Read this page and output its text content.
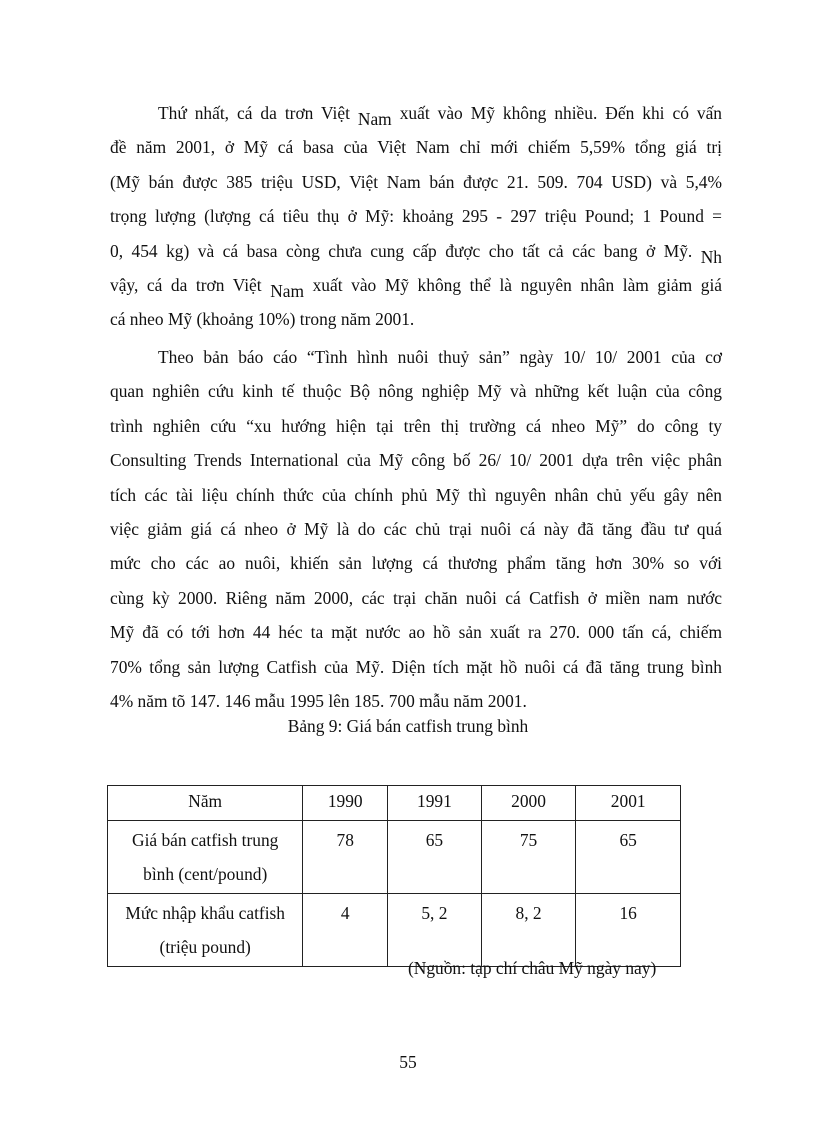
Thứ nhất, cá da trơn Việt Nam xuất vào Mỹ không nhiều. Đến khi có vấn
đề năm 2001, ở Mỹ cá basa của Việt Nam chỉ mới chiếm 5,59% tổng giá trị
(Mỹ bán được 385 triệu USD, Việt Nam bán được 21. 509. 704 USD) và 5,4%
trọng lượng (lượng cá tiêu thụ ở Mỹ: khoảng 295 - 297 triệu Pound; 1 Pound =
0, 454 kg) và cá basa còng chưa cung cấp được cho tất cả các bang ở Mỹ. Nh
vậy, cá da trơn Việt Nam xuất vào Mỹ không thể là nguyên nhân làm giảm giá
cá nheo Mỹ (khoảng 10%) trong năm 2001.
Theo bản báo cáo “Tình hình nuôi thuỷ sản” ngày 10/ 10/ 2001 của cơ
quan nghiên cứu kinh tế thuộc Bộ nông nghiệp Mỹ và những kết luận của công
trình nghiên cứu “xu hướng hiện tại trên thị trường cá nheo Mỹ” do công ty
Consulting Trends International của Mỹ công bố 26/ 10/ 2001 dựa trên việc phân
tích các tài liệu chính thức của chính phủ Mỹ thì nguyên nhân chủ yếu gây nên
việc giảm giá cá nheo ở Mỹ là do các chủ trại nuôi cá này đã tăng đầu tư quá
mức cho các ao nuôi, khiến sản lượng cá thương phẩm tăng hơn 30% so với
cùng kỳ 2000. Riêng năm 2000, các trại chăn nuôi cá Catfish ở miền nam nước
Mỹ đã có tới hơn 44 héc ta mặt nước ao hồ sản xuất ra 270. 000 tấn cá, chiếm
70% tổng sản lượng Catfish của Mỹ. Diện tích mặt hồ nuôi cá đã tăng trung bình
4% năm tõ 147. 146 mẫu 1995 lên 185. 700 mẫu năm 2001.

Bảng 9: Giá bán catfish trung bình

Năm	1990	1991	2000	2001

Giá bán catfish trung
bình (cent/pound)	78	65	75	65

Mức nhập khẩu catfish
(triệu pound)	4	5, 2	8, 2	16

(Nguồn: tạp chí châu Mỹ ngày nay)

55
